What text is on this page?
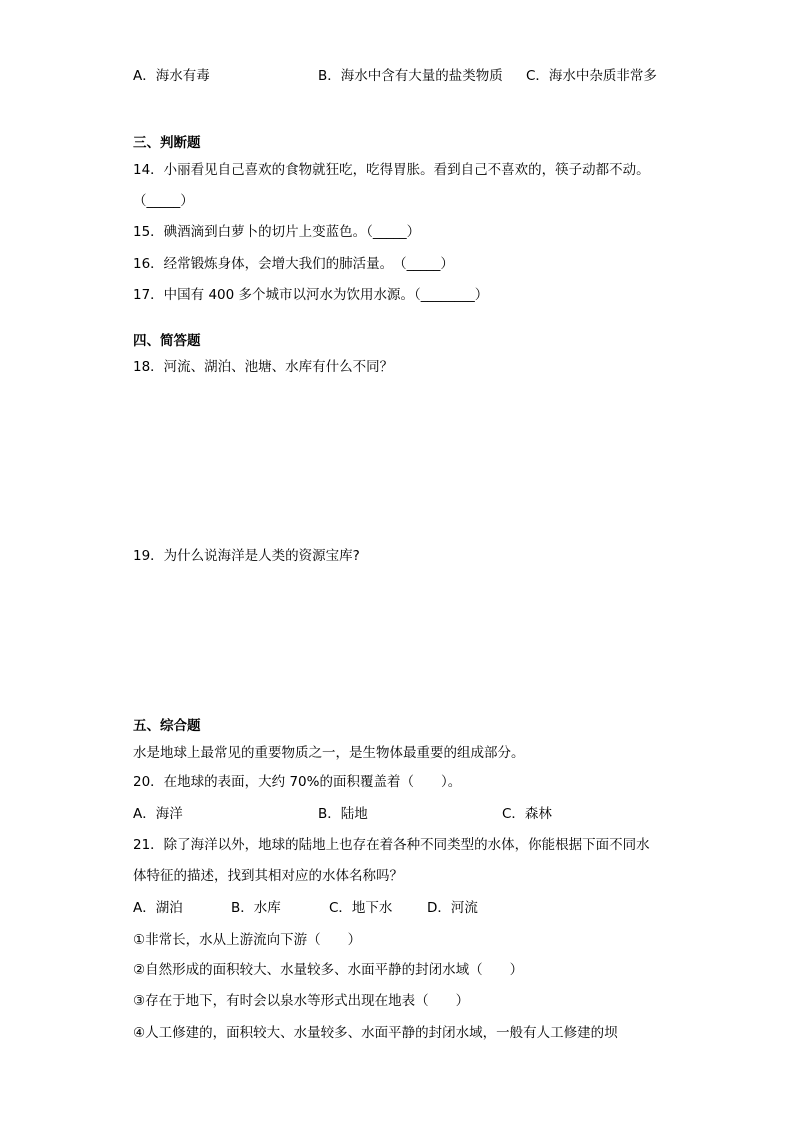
A．海水有毒	B．海水中含有大量的盐类物质 C．海水中杂质非常多
三、判断题
14．小丽看见自己喜欢的食物就狂吃，吃得胃胀。看到自己不喜欢的，筷子动都不动。
（_____）
15．碘酒滴到白萝卜的切片上变蓝色。（_____）
16．经常锻炼身体，会增大我们的肺活量。　（_____）
17．中国有 400 多个城市以河水为饮用水源。（________）
四、简答题
18．河流、湖泊、池塘、水库有什么不同？
19．为什么说海洋是人类的资源宝库?
五、综合题
水是地球上最常见的重要物质之一，是生物体最重要的组成部分。
20．在地球的表面，大约 70%的面积覆盖着（　　）。
A．海洋	B．陆地	C．森林
21．除了海洋以外，地球的陆地上也存在着各种不同类型的水体，你能根据下面不同水
体特征的描述，找到其相对应的水体名称吗？
A．湖泊	B．水库	C．地下水	D．河流
①非常长，水从上游流向下游（　　）
②自然形成的面积较大、水量较多、水面平静的封闭水域（　　）
③存在于地下，有时会以泉水等形式出现在地表（　　）
④人工修建的，面积较大、水量较多、水面平静的封闭水域，一般有人工修建的坝
